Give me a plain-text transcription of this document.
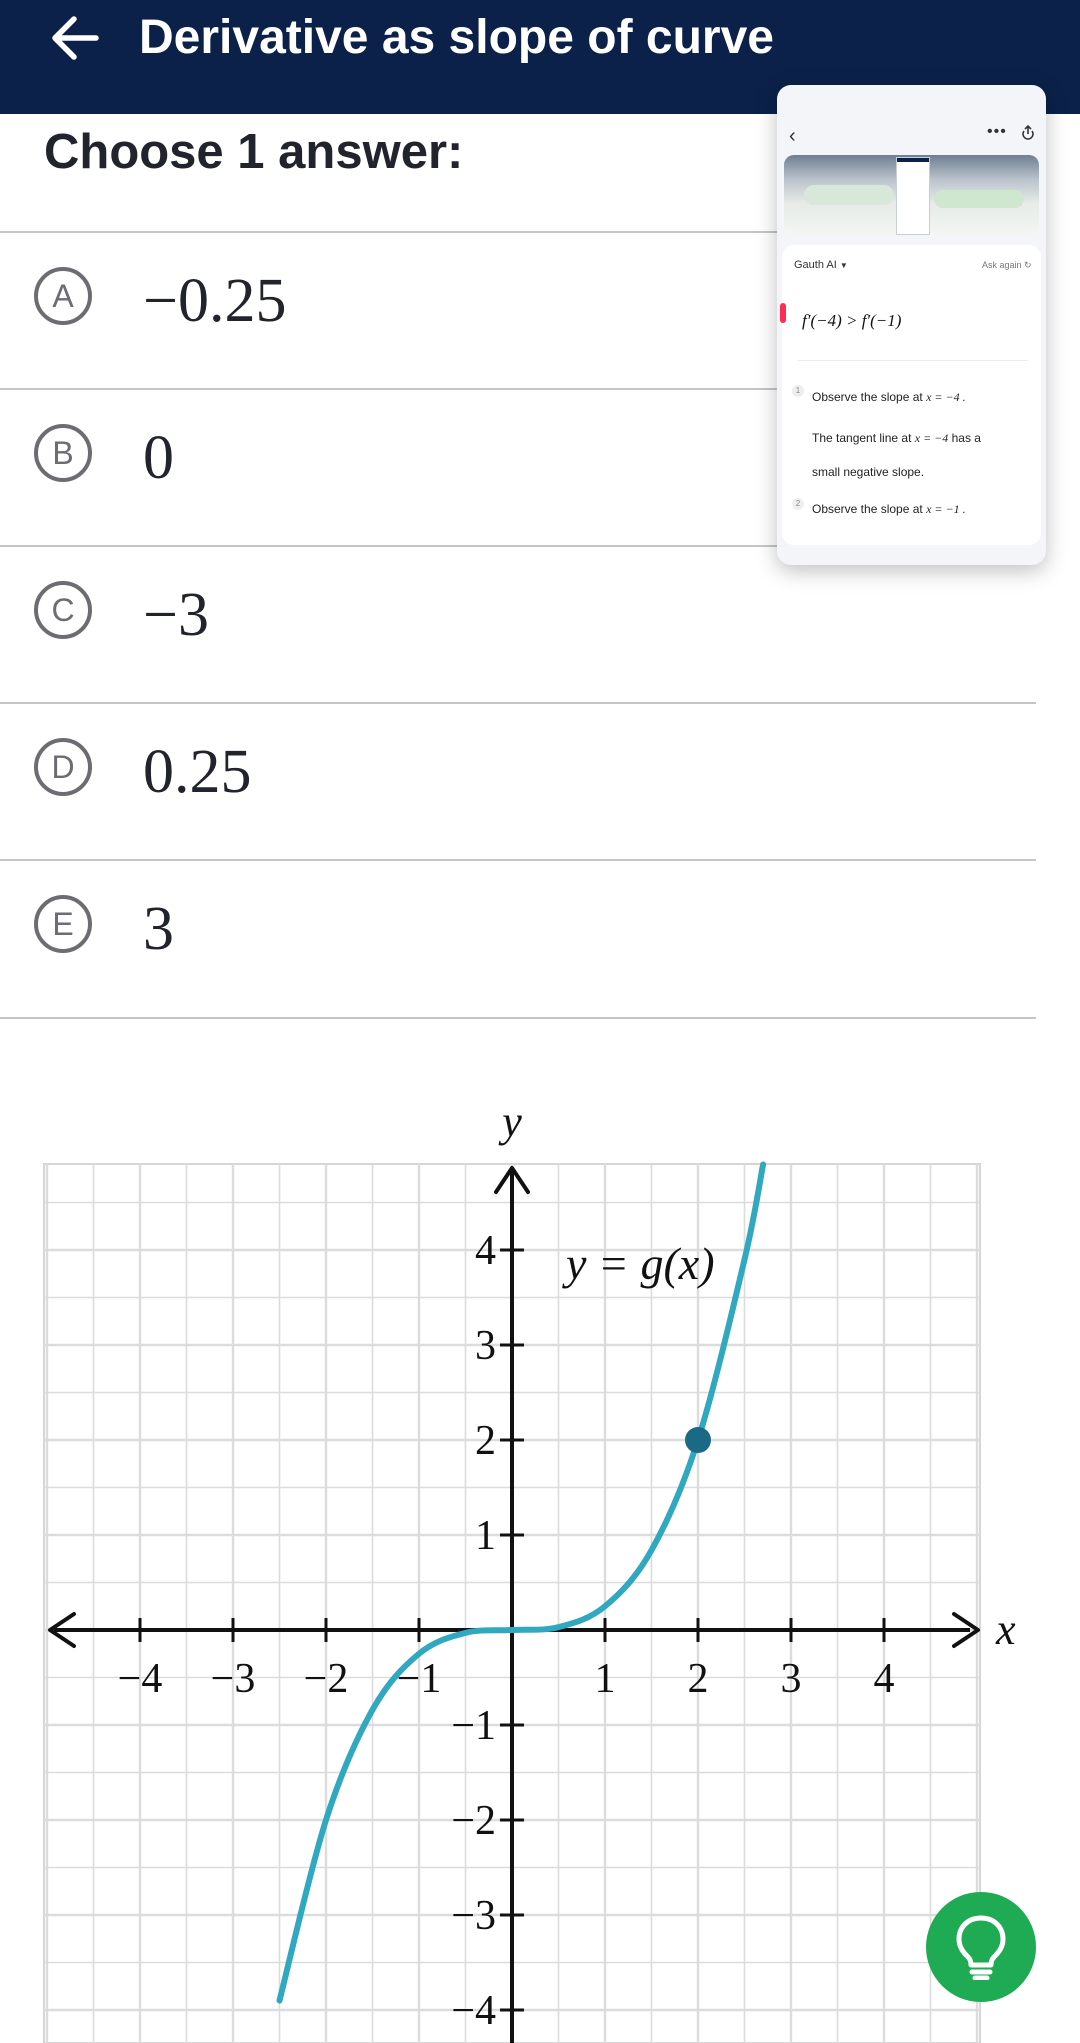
Derivative as slope of curve
Choose 1 answer:
A −0.25
B 0
C −3
D 0.25
E 3
−4 −3 −2 −1	1 2 3 4
4
3
2
1
−1
−2
−3
−4
x
y
y = g(x)
‹	•••
Gauth AI ▼	Ask again ↻
f′(−4) > f′(−1)
1 Observe the slope at x = −4 .
The tangent line at x = −4 has a
small negative slope.
2 Observe the slope at x = −1 .
